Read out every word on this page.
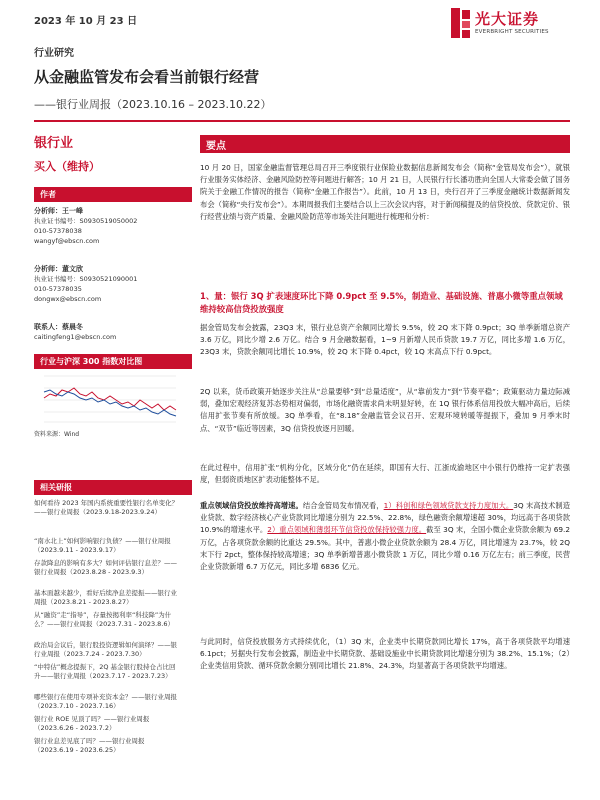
2023 年 10 月 23 日	光大证券
EVERBRIGHT SECURITIES
行业研究
从金融监管发布会看当前银行经营
——银行业周报（2023.10.16 – 2023.10.22）
银行业
买入（维持）
作者
分析师：王一峰
执业证书编号：S0930519050002
010-57378038
wangyf@ebscn.com
分析师：董文欣
执业证书编号：S0930521090001
010-57378035
dongwx@ebscn.com
联系人：蔡晨冬
caitingfeng1@ebscn.com
行业与沪深 300 指数对比图
资料来源：Wind
相关研报
如何看待 2023 年国内系统重要性银行名单变化？——银行业周报（2023.9.18-2023.9.24）
“南水北上”如何影响银行负债？——银行业周报（2023.9.11 - 2023.9.17）
存款降息的影响有多大？如何评估银行息差？——银行业周报（2023.8.28 - 2023.9.3）
基本面越来越少，看好后续净息差提振——银行业周报（2023.8.21 - 2023.8.27）
从“融资”走“指导”，存量按揭利率“科技降”为什么？——银行业周报（2023.7.31 - 2023.8.6）
政治局会议后，银行股投资逻辑如何演绎？——银行业周报（2023.7.24 - 2023.7.30）
“中特估”概念提振下，2Q 基金银行股持仓占比回升——银行业周报（2023.7.17 - 2023.7.23）
哪些银行在使用专项补充资本金？——银行业周报（2023.7.10 - 2023.7.16）
银行业 ROE 见顶了吗？——银行业周报（2023.6.26 - 2023.7.2）
银行业息差见底了吗？——银行业周报（2023.6.19 - 2023.6.25）
要点
10 月 20 日，国家金融监督管理总局召开三季度银行业保险业数据信息新闻发布会（简称“金管局发布会”），就银行业服务实体经济、金融风险防控等问题进行解答；10 月 21 日，人民银行行长潘功胜向全国人大常委会做了国务院关于金融工作情况的报告（简称“金融工作报告”）。此前，10 月 13 日，央行召开了三季度金融统计数据新闻发布会（简称“央行发布会”）。本期周报我们主要结合以上三次会议内容，对于新闻稿提及的信贷投放、贷款定价、银行经营业绩与资产质量、金融风险防范等市场关注问题进行梳理和分析：
1、量：银行 3Q 扩表速度环比下降 0.9pct 至 9.5%，制造业、基础设施、普惠小微等重点领域维持较高信贷投放强度
据金管局发布会披露，23Q3 末，银行业总资产余额同比增长 9.5%，较 2Q 末下降 0.9pct；3Q 单季新增总资产 3.6 万亿，同比少增 2.6 万亿。结合 9 月金融数据看，1~9 月新增人民币贷款 19.7 万亿，同比多增 1.6 万亿，23Q3 末，贷款余额同比增长 10.9%，较 2Q 末下降 0.4pct，较 1Q 末高点下行 0.9pct。
2Q 以来，货币政策开始逐步关注从“总量要够”到“总量适度”，从“靠前发力”到“节奏平稳”；政策驱动力量边际减弱，叠加宏观经济复苏态势相对偏弱，市场化融资需求尚未明显好转，在 1Q 银行体系信用投放大幅冲高后，后续信用扩张节奏有所放缓。3Q 单季看，在“8.18”金融监管会议召开、宏观环境转暖等提振下，叠加 9 月季末时点、“双节”临近等因素，3Q 信贷投放逐月回暖。
在此过程中，信用扩张“机构分化，区域分化”仍在延续，即国有大行、江浙成渝地区中小银行仍维持一定扩表强度，但弱资质地区扩表动能整体不足。
重点领域信贷投放维持高增速。结合金管局发布情况看，1）科创和绿色领域贷款支持力度加大。3Q 末高技术制造业贷款、数字经济核心产业贷款同比增速分别为 22.5%、22.8%，绿色融资余额增速超 30%，均远高于各项贷款 10.9%的增速水平。2）重点领域和薄弱环节信贷投放保持较强力度。截至 3Q 末，全国小微企业贷款余额为 69.2 万亿，占各项贷款余额的比重达 29.5%。其中，普惠小微企业贷款余额为 28.4 万亿，同比增速为 23.7%，较 2Q 末下行 2pct，整体保持较高增速；3Q 单季新增普惠小微贷款 1 万亿，同比少增 0.16 万亿左右；前三季度，民营企业贷款新增 6.7 万亿元，同比多增 6836 亿元。
与此同时，信贷投放服务方式持续优化，（1）3Q 末，企业类中长期贷款同比增长 17%，高于各项贷款平均增速 6.1pct；另据央行发布会披露，制造业中长期贷款、基础设施业中长期贷款同比增速分别为 38.2%、15.1%；（2）企业类信用贷款、循环贷款余额分别同比增长 21.8%、24.3%，均显著高于各项贷款平均增速。
